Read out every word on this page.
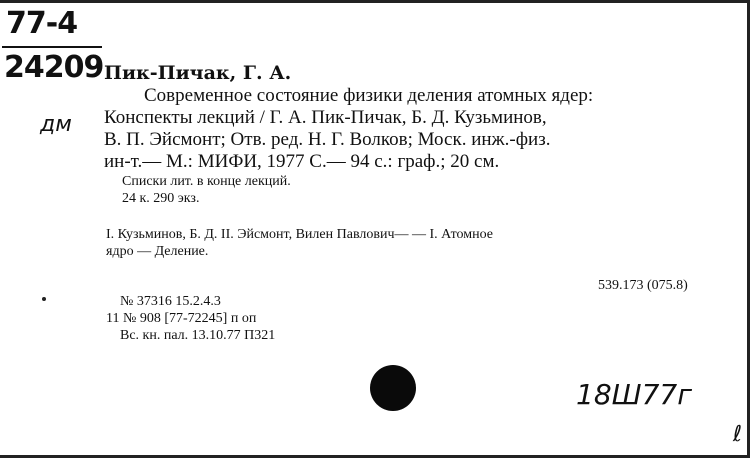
77-4
24209
дм
Пик-Пичак, Г. А.
Современное состояние физики деления атомных ядер:
Конспекты лекций / Г. А. Пик-Пичак, Б. Д. Кузьминов,
В. П. Эйсмонт; Отв. ред. Н. Г. Волков; Моск. инж.-физ.
ин-т.— М.: МИФИ, 1977 С.— 94 с.: граф.; 20 см.
Списки лит. в конце лекций.
24 к. 290 экз.
I. Кузьминов, Б. Д. II. Эйсмонт, Вилен Павлович— — I. Атомное
ядро — Деление.
539.173 (075.8)
№ 37316 15.2.4.3
11 № 908 [77-72245] п оп
Вс. кн. пал. 13.10.77 П321
18Ш77г
ℓ
